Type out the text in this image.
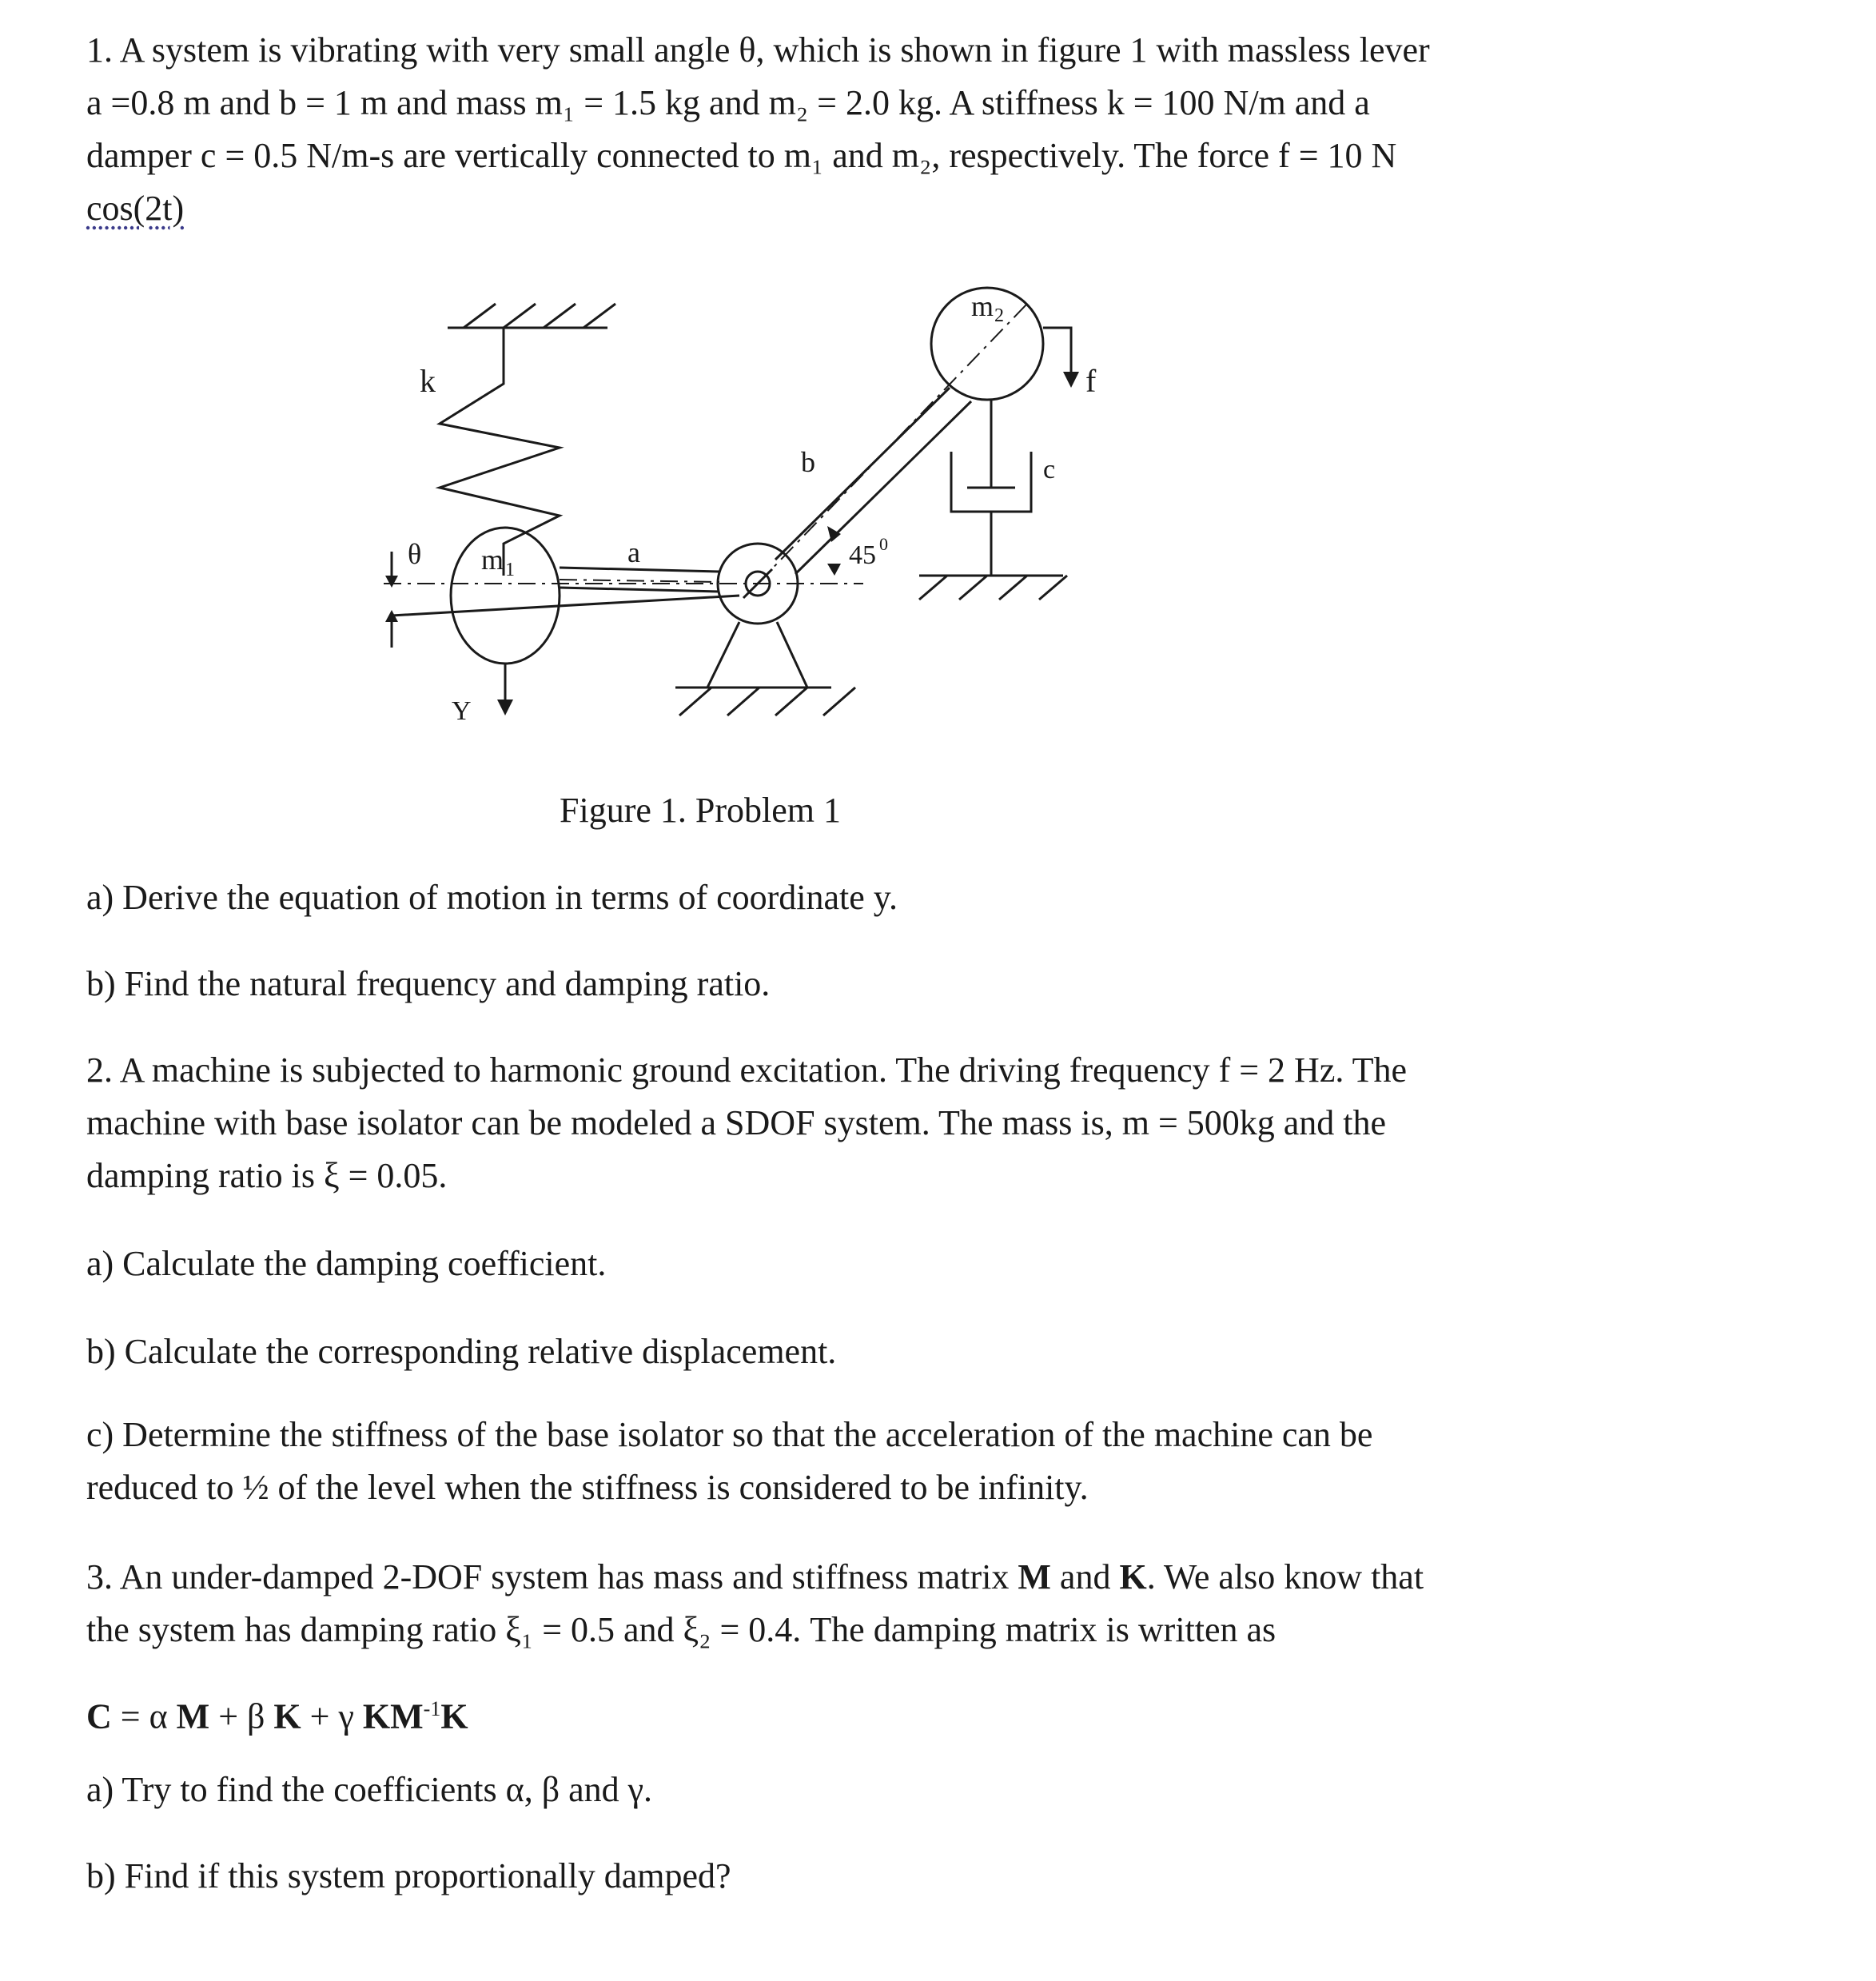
1. A system is vibrating with very small angle θ, which is shown in figure 1 with massless lever
a =0.8 m and b = 1 m and mass m₁ = 1.5 kg and m₂ = 2.0 kg. A stiffness k = 100 N/m and a
damper c = 0.5 N/m-s are vertically connected to m₁ and m₂, respectively. The force f = 10 N
cos(2t)
k
θ m 1
a
b
45 0
m 2
c
f
Y
Figure 1. Problem 1
a) Derive the equation of motion in terms of coordinate y.
b) Find the natural frequency and damping ratio.
2. A machine is subjected to harmonic ground excitation. The driving frequency f = 2 Hz. The
machine with base isolator can be modeled a SDOF system. The mass is, m = 500kg and the
damping ratio is ξ = 0.05.
a) Calculate the damping coefficient.
b) Calculate the corresponding relative displacement.
c) Determine the stiffness of the base isolator so that the acceleration of the machine can be
reduced to ½ of the level when the stiffness is considered to be infinity.
3. An under-damped 2-DOF system has mass and stiffness matrix M and K. We also know that
the system has damping ratio ξ₁ = 0.5 and ξ₂ = 0.4. The damping matrix is written as
C = α M + β K + γ $KM^{-1}K$
a) Try to find the coefficients α, β and γ.
b) Find if this system proportionally damped?
